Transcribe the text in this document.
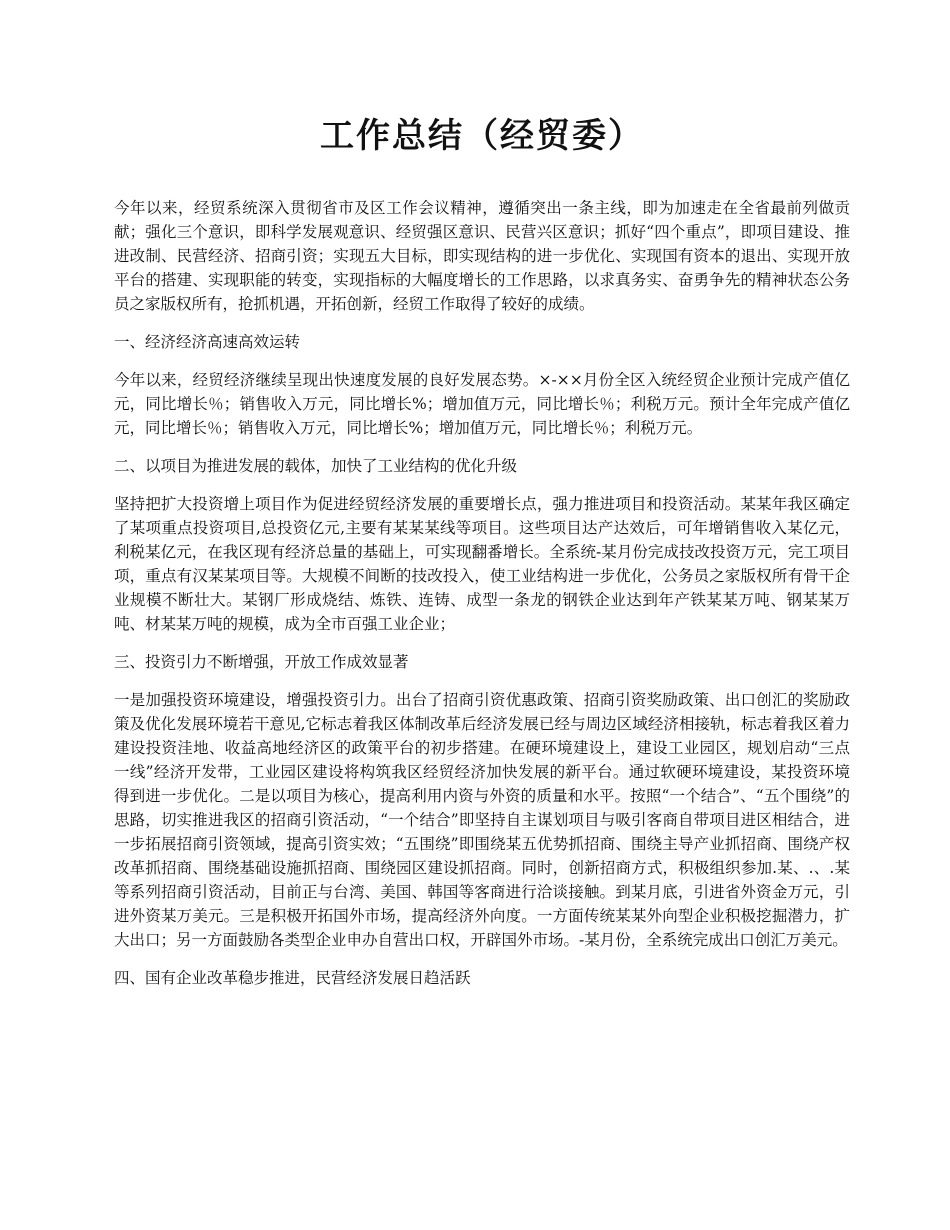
工作总结（经贸委）

今年以来，经贸系统深入贯彻省市及区工作会议精神，遵循突出一条主线，即为加速走在全省最前列做贡献；强化三个意识，即科学发展观意识、经贸强区意识、民营兴区意识；抓好“四个重点”，即项目建设、推进改制、民营经济、招商引资；实现五大目标，即实现结构的进一步优化、实现国有资本的退出、实现开放平台的搭建、实现职能的转变，实现指标的大幅度增长的工作思路，以求真务实、奋勇争先的精神状态公务员之家版权所有，抢抓机遇，开拓创新，经贸工作取得了较好的成绩。

一、经济经济高速高效运转

今年以来，经贸经济继续呈现出快速度发展的良好发展态势。×-××月份全区入统经贸企业预计完成产值亿元，同比增长％；销售收入万元，同比增长%；增加值万元，同比增长％；利税万元。预计全年完成产值亿元，同比增长％；销售收入万元，同比增长%；增加值万元，同比增长％；利税万元。

二、以项目为推进发展的载体，加快了工业结构的优化升级

坚持把扩大投资增上项目作为促进经贸经济发展的重要增长点，强力推进项目和投资活动。某某年我区确定了某项重点投资项目,总投资亿元,主要有某某某线等项目。这些项目达产达效后，可年增销售收入某亿元，利税某亿元，在我区现有经济总量的基础上，可实现翻番增长。全系统-某月份完成技改投资万元，完工项目项，重点有汉某某项目等。大规模不间断的技改投入，使工业结构进一步优化，公务员之家版权所有骨干企业规模不断壮大。某钢厂形成烧结、炼铁、连铸、成型一条龙的钢铁企业达到年产铁某某万吨、钢某某万吨、材某某万吨的规模，成为全市百强工业企业；

三、投资引力不断增强，开放工作成效显著

一是加强投资环境建设，增强投资引力。出台了招商引资优惠政策、招商引资奖励政策、出口创汇的奖励政策及优化发展环境若干意见,它标志着我区体制改革后经济发展已经与周边区域经济相接轨，标志着我区着力建设投资洼地、收益高地经济区的政策平台的初步搭建。在硬环境建设上，建设工业园区，规划启动“三点一线”经济开发带，工业园区建设将构筑我区经贸经济加快发展的新平台。通过软硬环境建设，某投资环境得到进一步优化。二是以项目为核心，提高利用内资与外资的质量和水平。按照“一个结合”、“五个围绕”的思路，切实推进我区的招商引资活动，“一个结合”即坚持自主谋划项目与吸引客商自带项目进区相结合，进一步拓展招商引资领域，提高引资实效；“五围绕”即围绕某五优势抓招商、围绕主导产业抓招商、围绕产权改革抓招商、围绕基础设施抓招商、围绕园区建设抓招商。同时，创新招商方式，积极组织参加.某、.、.某等系列招商引资活动，目前正与台湾、美国、韩国等客商进行洽谈接触。到某月底，引进省外资金万元，引进外资某万美元。三是积极开拓国外市场，提高经济外向度。一方面传统某某外向型企业积极挖掘潜力，扩大出口；另一方面鼓励各类型企业申办自营出口权，开辟国外市场。-某月份，全系统完成出口创汇万美元。

四、国有企业改革稳步推进，民营经济发展日趋活跃
